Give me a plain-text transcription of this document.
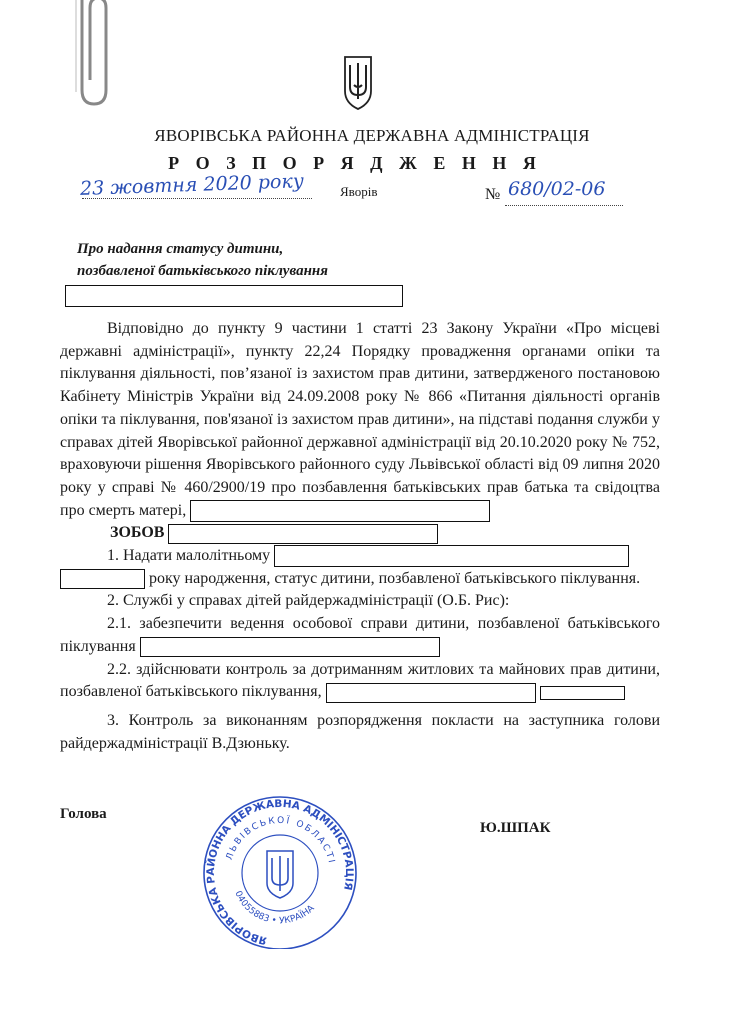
ЯВОРІВСЬКА РАЙОННА ДЕРЖАВНА АДМІНІСТРАЦІЯ
Р О З П О Р Я Д Ж Е Н Н Я
23 жовтня 2020 року	Яворів	№ 680/02-06
Про надання статусу дитини,
позбавленої батьківського піклування

Відповідно до пункту 9 частини 1 статті 23 Закону України «Про місцеві державні адміністрації», пункту 22,24 Порядку провадження органами опіки та піклування діяльності, пов’язаної із захистом прав дитини, затвердженого постановою Кабінету Міністрів України від 24.09.2008 року № 866 «Питання діяльності органів опіки та піклування, пов'язаної із захистом прав дитини», на підставі подання служби у справах дітей Яворівської районної державної адміністрації від 20.10.2020 року № 752, враховуючи рішення Яворівського районного суду Львівської області від 09 липня 2020 року у справі № 460/2900/19 про позбавлення батьківських прав батька та свідоцтва про смерть матері,

ЗОБОВ

1. Надати малолітньому

року народження, статус дитини, позбавленої батьківського піклування.

2. Службі у справах дітей райдержадміністрації (О.Б. Рис):

2.1. забезпечити ведення особової справи дитини, позбавленої батьківського піклування

2.2. здійснювати контроль за дотриманням житлових та майнових прав дитини, позбавленої батьківського піклування,

3. Контроль за виконанням розпорядження покласти на заступника голови райдержадміністрації В.Дзюньку.

Голова
Ю.ШПАК
ЯВОРІВСЬКА РАЙОННА ДЕРЖАВНА АДМІНІСТРАЦІЯ
ЛЬВІВСЬКОЇ ОБЛАСТІ
04055883 • УКРАЇНА
